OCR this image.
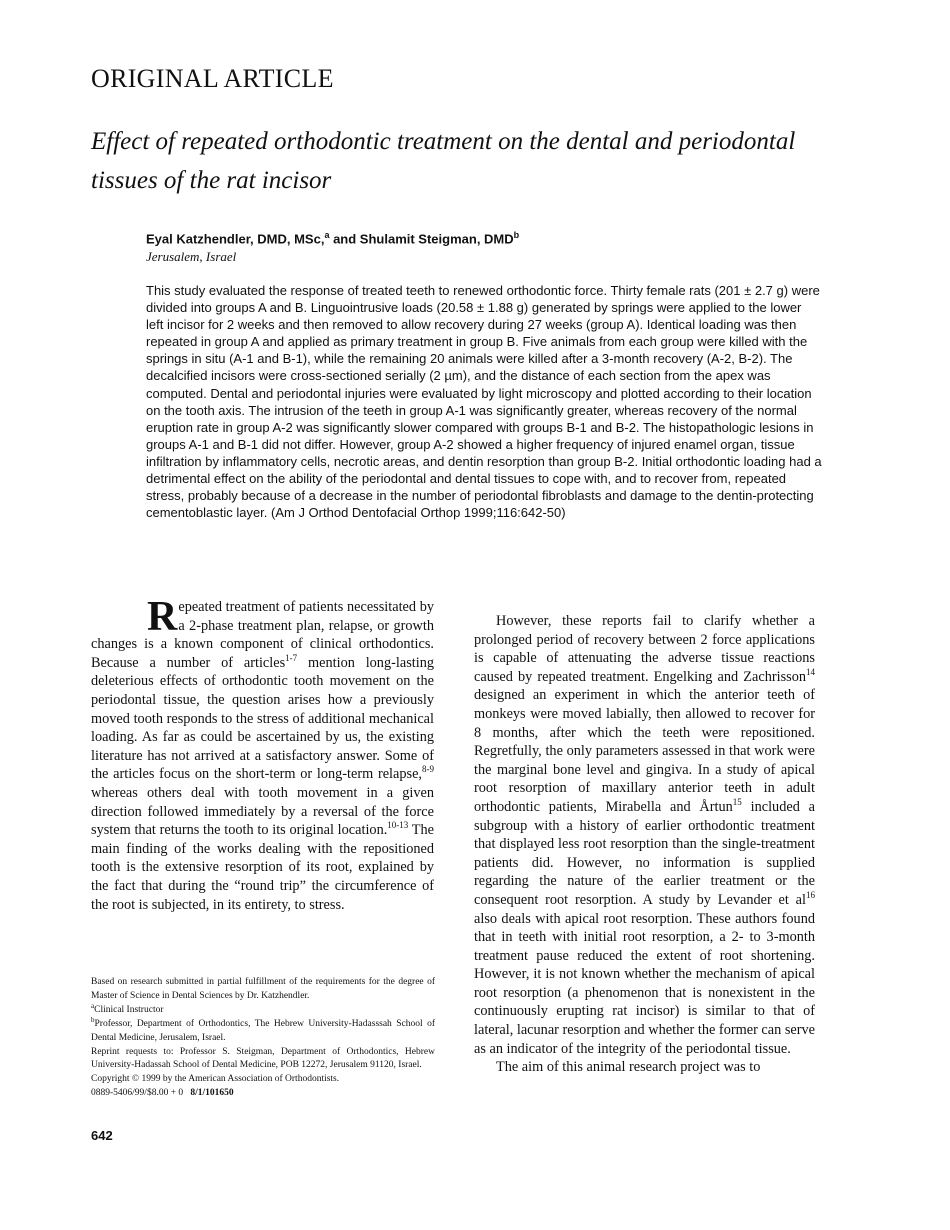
ORIGINAL ARTICLE
Effect of repeated orthodontic treatment on the dental and periodontal tissues of the rat incisor
Eyal Katzhendler, DMD, MSc,$^a$ and Shulamit Steigman, DMD$^b$
Jerusalem, Israel
This study evaluated the response of treated teeth to renewed orthodontic force. Thirty female rats (201 ± 2.7 g) were divided into groups A and B. Linguointrusive loads (20.58 ± 1.88 g) generated by springs were applied to the lower left incisor for 2 weeks and then removed to allow recovery during 27 weeks (group A). Identical loading was then repeated in group A and applied as primary treatment in group B. Five animals from each group were killed with the springs in situ (A-1 and B-1), while the remaining 20 animals were killed after a 3-month recovery (A-2, B-2). The decalcified incisors were cross-sectioned serially (2 µm), and the distance of each section from the apex was computed. Dental and periodontal injuries were evaluated by light microscopy and plotted according to their location on the tooth axis. The intrusion of the teeth in group A-1 was significantly greater, whereas recovery of the normal eruption rate in group A-2 was significantly slower compared with groups B-1 and B-2. The histopathologic lesions in groups A-1 and B-1 did not differ. However, group A-2 showed a higher frequency of injured enamel organ, tissue infiltration by inflammatory cells, necrotic areas, and dentin resorption than group B-2. Initial orthodontic loading had a detrimental effect on the ability of the periodontal and dental tissues to cope with, and to recover from, repeated stress, probably because of a decrease in the number of periodontal fibroblasts and damage to the dentin-protecting cementoblastic layer. (Am J Orthod Dentofacial Orthop 1999;116:642-50)

Repeated treatment of patients necessitated by a 2-phase treatment plan, relapse, or growth changes is a known component of clinical orthodontics. Because a number of articles$^{1-7}$ mention long-lasting deleterious effects of orthodontic tooth movement on the periodontal tissue, the question arises how a previously moved tooth responds to the stress of additional mechanical loading. As far as could be ascertained by us, the existing literature has not arrived at a satisfactory answer. Some of the articles focus on the short-term or long-term relapse,$^{8-9}$ whereas others deal with tooth movement in a given direction followed immediately by a reversal of the force system that returns the tooth to its original location.$^{10-13}$ The main finding of the works dealing with the repositioned tooth is the extensive resorption of its root, explained by the fact that during the “round trip” the circumference of the root is subjected, in its entirety, to stress.

However, these reports fail to clarify whether a prolonged period of recovery between 2 force applications is capable of attenuating the adverse tissue reactions caused by repeated treatment. Engelking and Zachrisson$^{14}$ designed an experiment in which the anterior teeth of monkeys were moved labially, then allowed to recover for 8 months, after which the teeth were repositioned. Regretfully, the only parameters assessed in that work were the marginal bone level and gingiva. In a study of apical root resorption of maxillary anterior teeth in adult orthodontic patients, Mirabella and Årtun$^{15}$ included a subgroup with a history of earlier orthodontic treatment that displayed less root resorption than the single-treatment patients did. However, no information is supplied regarding the nature of the earlier treatment or the consequent root resorption. A study by Levander et al$^{16}$ also deals with apical root resorption. These authors found that in teeth with initial root resorption, a 2- to 3-month treatment pause reduced the extent of root shortening. However, it is not known whether the mechanism of apical root resorption (a phenomenon that is nonexistent in the continuously erupting rat incisor) is similar to that of lateral, lacunar resorption and whether the former can serve as an indicator of the integrity of the periodontal tissue.

The aim of this animal research project was to

Based on research submitted in partial fulfillment of the requirements for the degree of Master of Science in Dental Sciences by Dr. Katzhendler.

$^a$Clinical Instructor

$^b$Professor, Department of Orthodontics, The Hebrew University-Hadasssah School of Dental Medicine, Jerusalem, Israel.

Reprint requests to: Professor S. Steigman, Department of Orthodontics, Hebrew University-Hadassah School of Dental Medicine, POB 12272, Jerusalem 91120, Israel.

Copyright © 1999 by the American Association of Orthodontists.

0889-5406/99/$8.00 + 0 8/1/101650

642
